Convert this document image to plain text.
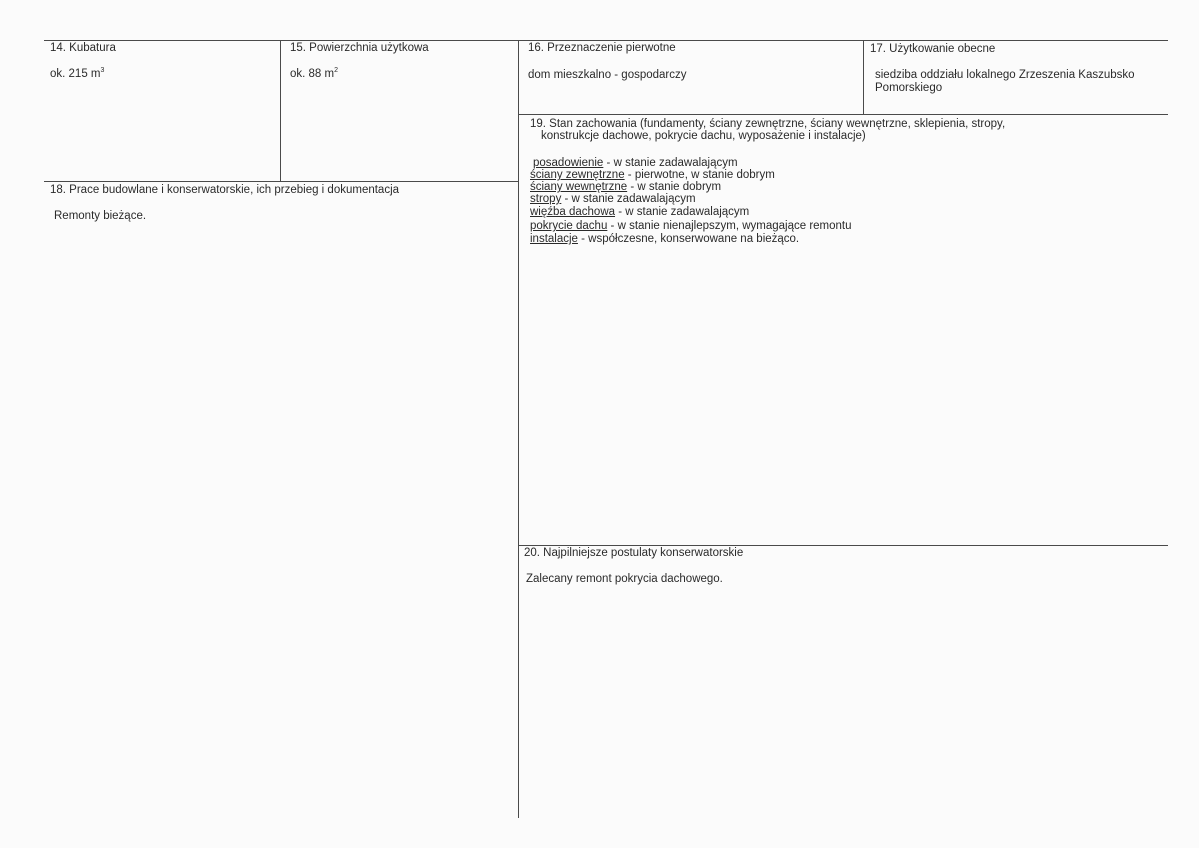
14. Kubatura
ok. 215 $m^3$
15. Powierzchnia użytkowa
ok. 88 $m^2$
16. Przeznaczenie pierwotne
dom mieszkalno - gospodarczy
17. Użytkowanie obecne
siedziba oddziału lokalnego Zrzeszenia Kaszubsko
Pomorskiego
18. Prace budowlane i konserwatorskie, ich przebieg i dokumentacja
Remonty bieżące.
19. Stan zachowania (fundamenty, ściany zewnętrzne, ściany wewnętrzne, sklepienia, stropy,
konstrukcje dachowe, pokrycie dachu, wyposażenie i instalacje)
posadowienie - w stanie zadawalającym
ściany zewnętrzne - pierwotne, w stanie dobrym
ściany wewnętrzne - w stanie dobrym
stropy - w stanie zadawalającym
więźba dachowa - w stanie zadawalającym
pokrycie dachu - w stanie nienajlepszym, wymagające remontu
instalacje - współczesne, konserwowane na bieżąco.
20. Najpilniejsze postulaty konserwatorskie
Zalecany remont pokrycia dachowego.
